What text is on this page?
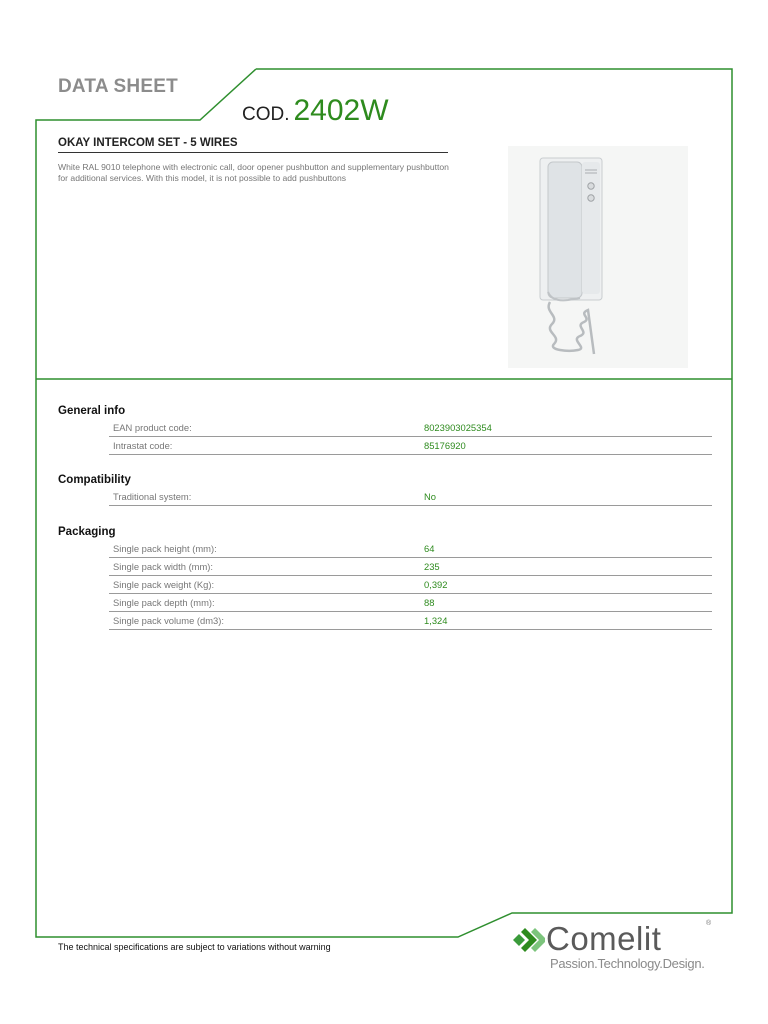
DATA SHEET
COD. 2402W
OKAY INTERCOM SET - 5 WIRES

White RAL 9010 telephone with electronic call, door opener pushbutton and supplementary pushbutton for additional services. With this model, it is not possible to add pushbuttons

General info
EAN product code:	8023903025354
Intrastat code:	85176920
Compatibility
Traditional system:	No
Packaging
Single pack height (mm):	64
Single pack width (mm):	235
Single pack weight (Kg):	0,392
Single pack depth (mm):	88
Single pack volume (dm3):	1,324
The technical specifications are subject to variations without warning	Comelit	®
Passion.Technology.Design.
